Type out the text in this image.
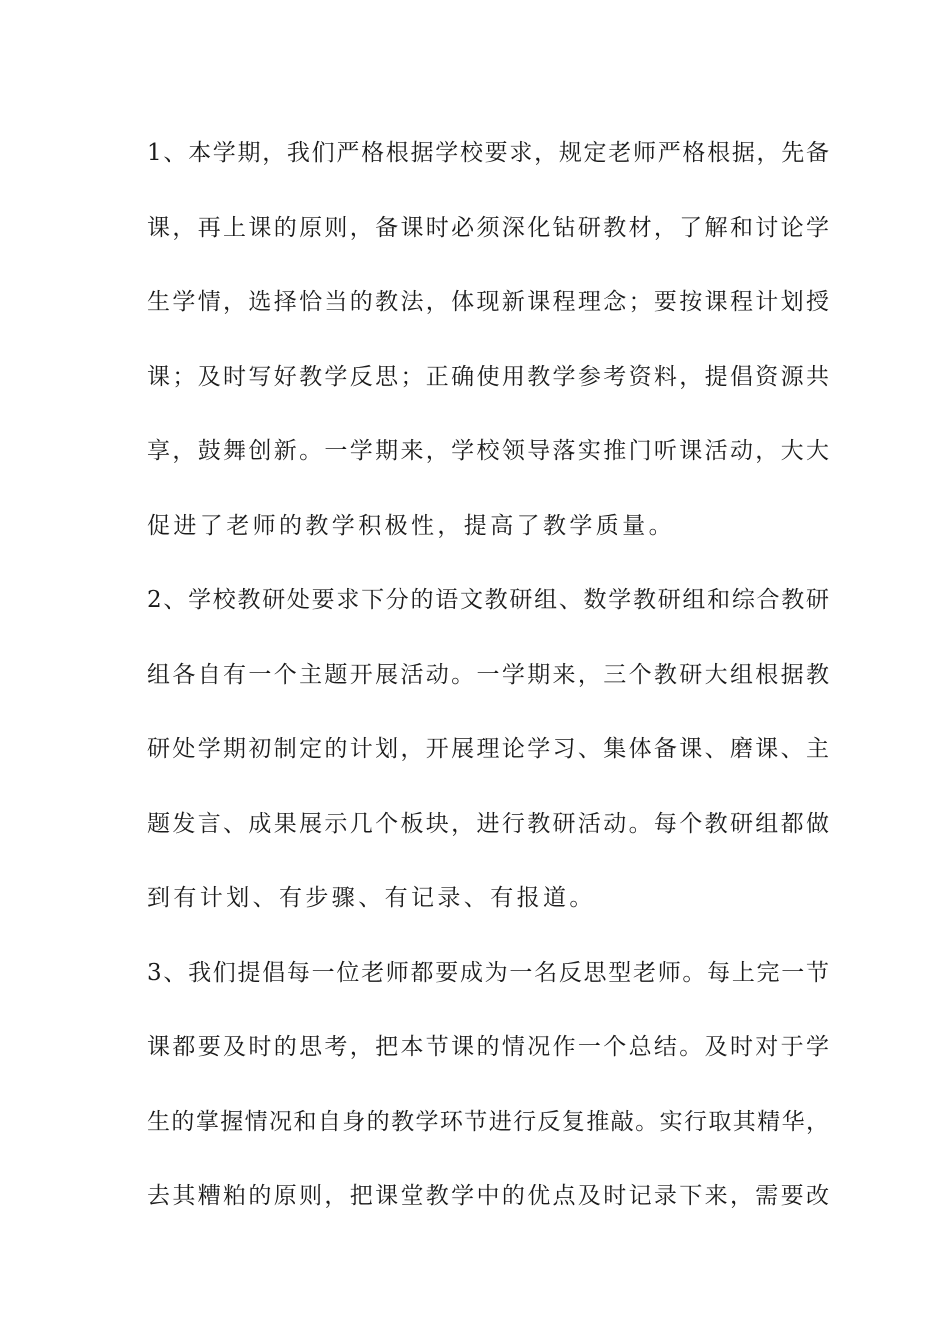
1、本学期，我们严格根据学校要求，规定老师严格根据，先备
课，再上课的原则，备课时必须深化钻研教材，了解和讨论学
生学情，选择恰当的教法，体现新课程理念；要按课程计划授
课；及时写好教学反思；正确使用教学参考资料，提倡资源共
享，鼓舞创新。一学期来，学校领导落实推门听课活动，大大
促进了老师的教学积极性，提高了教学质量。
2、学校教研处要求下分的语文教研组、数学教研组和综合教研
组各自有一个主题开展活动。一学期来，三个教研大组根据教
研处学期初制定的计划，开展理论学习、集体备课、磨课、主
题发言、成果展示几个板块，进行教研活动。每个教研组都做
到有计划、有步骤、有记录、有报道。
3、我们提倡每一位老师都要成为一名反思型老师。每上完一节
课都要及时的思考，把本节课的情况作一个总结。及时对于学
生的掌握情况和自身的教学环节进行反复推敲。实行取其精华，
去其糟粕的原则，把课堂教学中的优点及时记录下来，需要改
